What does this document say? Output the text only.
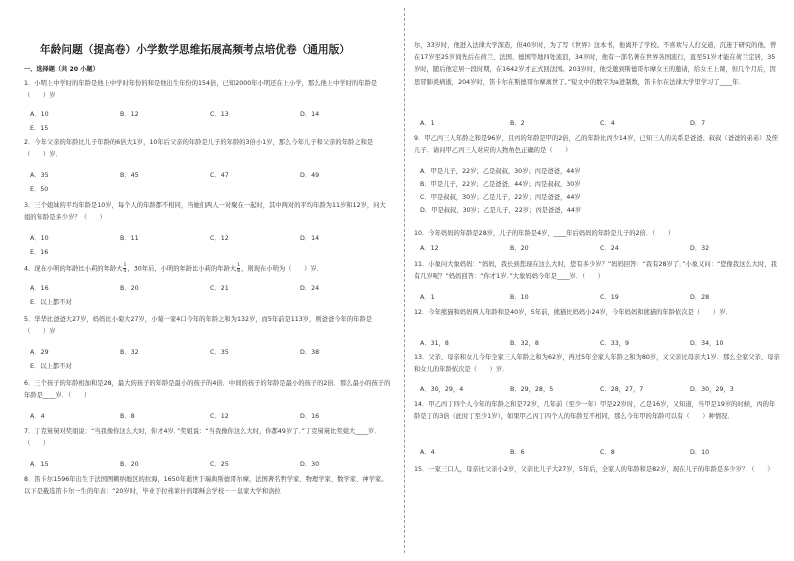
年龄问题（提高卷）小学数学思维拓展高频考点培优卷（通用版）
一、选择题（共 20 小题）
1．小明上中学时的年龄是他上中学时年份的和是他出生年份的154倍，已知2000年小明还在上小学，那么他上中学时的年龄是（　　）岁
A．10	B．12	C．13	D．14
E．15
2．今年父亲的年龄比儿子年龄的6倍大1岁，10年后父亲的年龄是儿子的年龄的3倍小1岁，那么今年儿子和父亲的年龄之和是（　　）岁．
A．35	B．45	C．47	D．49
E．50
3．三个姐妹的平均年龄是10岁，每个人的年龄都不相同，当她们两人一对聚在一起时，其中两对的平均年龄为11岁和12岁，问大姐的年龄是多少岁？（　　）
A．10	B．11	C．12	D．14
E．16
4．现在小明的年龄比小莉的年龄大 $\frac{1}{4}$ ，30年后，小明的年龄比小莉的年龄大 $\frac{1}{8}$ ，则现在小明为（　　）岁．
A．16	B．20	C．21	D．24
E．以上都不对
5．华华比爸爸大27岁，妈妈比小菊大27岁，小菊一家4口今年的年龄之和为132岁，而5年前是113岁，则爸爸今年的年龄是（　　）岁
A．29	B．32	C．35	D．38
E．以上都不对
6．三个孩子的年龄相加和是28，最大的孩子的年龄是最小的孩子的4倍．中间的孩子的年龄是最小的孩子的2倍．那么最小的孩子的年龄是____岁．（　　）
A．4	B．8	C．12	D．16
7．丁克舅舅对奖姐说：“当我像你这么大时，你才4岁．”奖姐说：“当我像你这么大时，你都49岁了．”丁克舅舅比奖姐大____岁．（　　）
A．15	B．20	C．25	D．30
8．笛卡尔1596年出生于法国图赖纳地区的拉海，1650年逝世于瑞典斯德哥尔摩，法国著名哲学家、物理学家、数学家、神学家。以下是截选笛卡尔一生的年表：“20岁时，毕业于拉弗莱什的耶稣会学校－－皇家大学和洛拉
尔，33岁时，他进入法律大学深造，但40岁时，为了写《世界》这本书，他离开了学校。不喜欢与人打交道，沉迷于研究的他，曾在17岁至25岁间先后在荷兰、法国、德国等地四处流浪，34岁时，他有一部名著在世界各国流行，直至51岁才能在荷兰定居，35岁时，随后他定居一段时期，在1642岁才正式回法国。203岁时，他受邀到斯德哥尔摩女王的邀请，给女王上课，但几个月后，因思冒肺炎病逝，204岁时，笛卡尔在斯德哥尔摩离世了。”短文中的数字为a进制数，笛卡尔在法律大学里学习了____年．
A．1	B．2	C．4	D．7
9．甲乙丙三人年龄之和是96岁，且丙的年龄是甲的2倍，乙的年龄比丙少14岁，已知三人的关系是爸爸、叔叔（爸爸的弟弟）及侄儿子．请问甲乙丙三人对应的人物角色正确的是（　　）
A．甲是儿子，22岁；乙是叔叔，30岁；丙是爸爸，44岁
B．甲是儿子，22岁；乙是爸爸，44岁；丙是叔叔，30岁
C．甲是叔叔，30岁；乙是儿子，22岁；丙是爸爸，44岁
D．甲是叔叔，30岁；乙是儿子，22岁；丙是爸爸，44岁
10．今年妈妈的年龄是28岁，儿子的年龄是4岁，____年后妈妈的年龄是儿子的2倍．（　　）
A．12	B．20	C．24	D．32
11．小象问大象妈妈：“妈妈，我长到您现在这么大时，您有多少岁？”妈妈回答：“我有28岁了．”小象又问：“您像我这么大时，我有几岁呢？”妈妈回答：“你才1岁．”大象妈妈今年是____岁．（　　）
A．1	B．10	C．19	D．28
12．今年熊猫和妈妈两人年龄和是40岁，5年前，熊猫比妈妈小24岁，今年妈妈和熊猫的年龄依次是（　　）岁．
A．31，8	B．32，8	C．33，9	D．34，10
13．父亲、母亲和女儿今年全家三人年龄之和为62岁，再过5年全家人年龄之和为80岁，又父亲比母亲大1岁．那么全家父亲、母亲和女儿的年龄依次是（　　）岁．
A．30，29，4	B．29，28，5	C．28，27，7	D．30，29，3
14．甲乙丙丁四个人今年的年龄之和是72岁，几年前（至少一年）甲是22岁时，乙是16岁，又知道，当甲是19岁的时候，丙的年龄是丁的3倍（此时丁至少1岁），如果甲乙丙丁四个人的年龄互不相同，那么今年甲的年龄可以有（　　）种情况．
A．4	B．6	C．8	D．10
15．一家三口人，母亲比父亲小2岁，父亲比儿子大27岁，5年后，全家人的年龄和是82岁，现在儿子的年龄是多少岁？（　　）
